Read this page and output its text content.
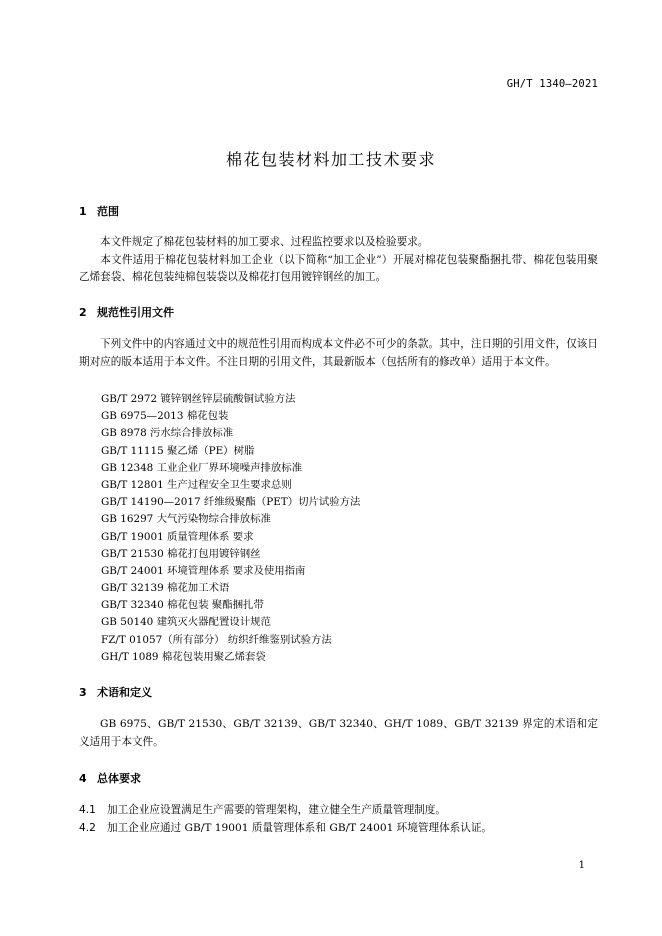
GH/T 1340—2021
棉花包装材料加工技术要求
1 范围
本文件规定了棉花包装材料的加工要求、过程监控要求以及检验要求。
本文件适用于棉花包装材料加工企业（以下简称“加工企业”）开展对棉花包装聚酯捆扎带、棉花包装用聚乙烯套袋、棉花包装纯棉包装袋以及棉花打包用镀锌钢丝的加工。
2 规范性引用文件
下列文件中的内容通过文中的规范性引用而构成本文件必不可少的条款。其中，注日期的引用文件，仅该日期对应的版本适用于本文件。不注日期的引用文件，其最新版本（包括所有的修改单）适用于本文件。
GB/T 2972 镀锌钢丝锌层硫酸铜试验方法
GB 6975—2013 棉花包装
GB 8978 污水综合排放标准
GB/T 11115 聚乙烯（PE）树脂
GB 12348 工业企业厂界环境噪声排放标准
GB/T 12801 生产过程安全卫生要求总则
GB/T 14190—2017 纤维级聚酯（PET）切片试验方法
GB 16297 大气污染物综合排放标准
GB/T 19001 质量管理体系 要求
GB/T 21530 棉花打包用镀锌钢丝
GB/T 24001 环境管理体系 要求及使用指南
GB/T 32139 棉花加工术语
GB/T 32340 棉花包装 聚酯捆扎带
GB 50140 建筑灭火器配置设计规范
FZ/T 01057（所有部分） 纺织纤维鉴别试验方法
GH/T 1089 棉花包装用聚乙烯套袋
3 术语和定义
GB 6975、GB/T 21530、GB/T 32139、GB/T 32340、GH/T 1089、GB/T 32139 界定的术语和定义适用于本文件。
4 总体要求
4.1 加工企业应设置满足生产需要的管理架构，建立健全生产质量管理制度。
4.2 加工企业应通过 GB/T 19001 质量管理体系和 GB/T 24001 环境管理体系认证。
1
